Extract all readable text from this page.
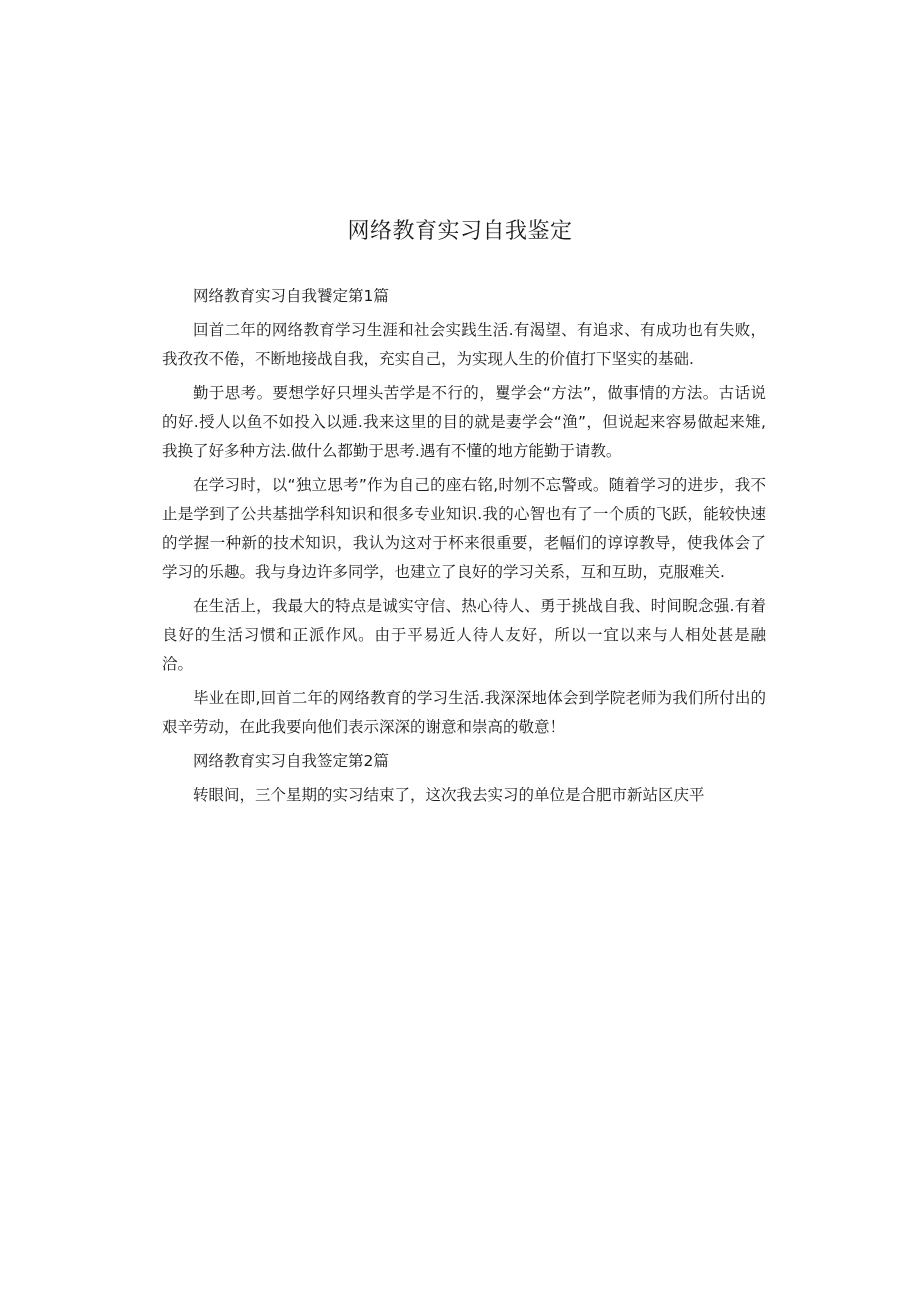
网络教育实习自我鉴定

网络教育实习自我饕定第1篇

回首二年的网络教育学习生涯和社会实践生活.有渴望、有追求、有成功也有失败，我孜孜不倦，不断地接战自我，充实自己，为实现人生的价值打下坚实的基础.

勤于思考。要想学好只埋头苦学是不行的，矍学会“方法”，做事情的方法。古话说的好.授人以鱼不如投入以逓.我来这里的目的就是妻学会“渔”，但说起来容易做起来雉,我换了好多种方法.做什么都勤于思考.遇有不懂的地方能勤于请教。

在学习时，以“独立思考”作为自己的座右铭,时刎不忘警或。随着学习的进步，我不止是学到了公共基拙学科知识和很多专业知识.我的心智也有了一个质的飞跃，能较快速的学握一种新的技术知识，我认为这对于杯来很重要，老幅们的谆谆教导，使我体会了学习的乐趣。我与身边许多同学，也建立了良好的学习关系，互和互助，克服难关.

在生活上，我最大的特点是诚实守信、热心待人、勇于挑战自我、时间睨念强.有着良好的生活习惯和正派作风。由于平易近人待人友好，所以一宜以来与人相处甚是融洽。

毕业在即,回首二年的网络教育的学习生活.我深深地体会到学院老师为我们所付出的艰辛劳动，在此我要向他们表示深深的谢意和崇高的敬意！

网络教育实习自我签定第2篇

转眼间，三个星期的实习结束了，这次我去实习的单位是合肥市新站区庆平
